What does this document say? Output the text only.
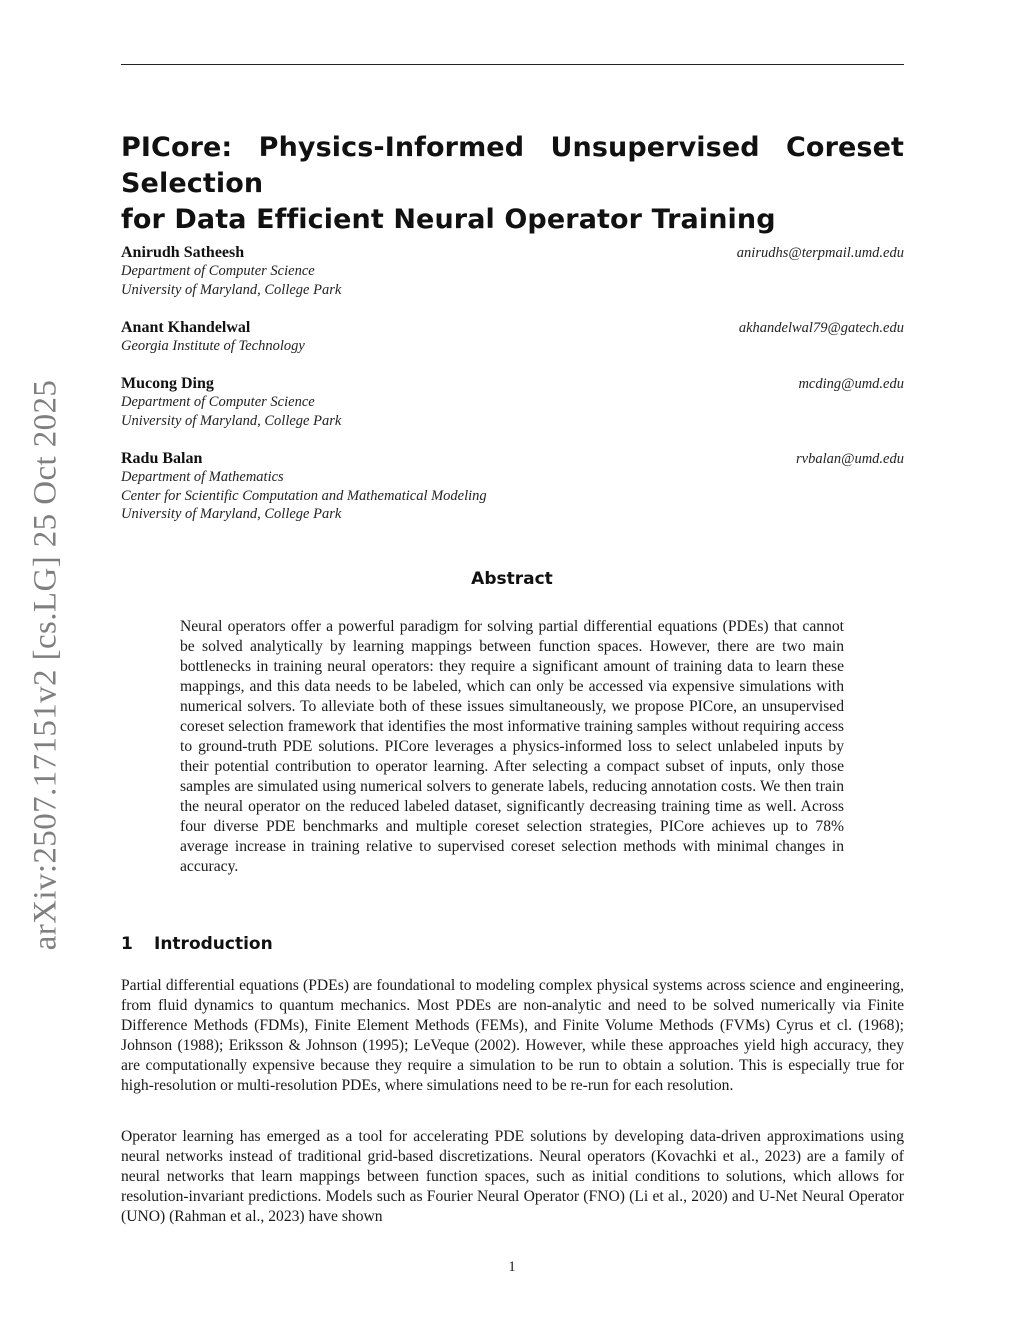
arXiv:2507.17151v2 [cs.LG] 25 Oct 2025
PICore: Physics-Informed Unsupervised Coreset Selection
for Data Efficient Neural Operator Training
Anirudh Satheesh	anirudhs@terpmail.umd.edu
Department of Computer Science
University of Maryland, College Park
Anant Khandelwal	akhandelwal79@gatech.edu
Georgia Institute of Technology
Mucong Ding	mcding@umd.edu
Department of Computer Science
University of Maryland, College Park
Radu Balan	rvbalan@umd.edu
Department of Mathematics
Center for Scientific Computation and Mathematical Modeling
University of Maryland, College Park
Abstract

Neural operators offer a powerful paradigm for solving partial differential equations (PDEs) that cannot be solved analytically by learning mappings between function spaces. However, there are two main bottlenecks in training neural operators: they require a significant amount of training data to learn these mappings, and this data needs to be labeled, which can only be accessed via expensive simulations with numerical solvers. To alleviate both of these issues simultaneously, we propose PICore, an unsupervised coreset selection framework that identifies the most informative training samples without requiring access to ground-truth PDE solutions. PICore leverages a physics-informed loss to select unlabeled inputs by their potential contribution to operator learning. After selecting a compact subset of inputs, only those samples are simulated using numerical solvers to generate labels, reducing annotation costs. We then train the neural operator on the reduced labeled dataset, significantly decreasing training time as well. Across four diverse PDE benchmarks and multiple coreset selection strategies, PICore achieves up to 78% average increase in training relative to supervised coreset selection methods with minimal changes in accuracy.

1 Introduction

Partial differential equations (PDEs) are foundational to modeling complex physical systems across science and engineering, from fluid dynamics to quantum mechanics. Most PDEs are non-analytic and need to be solved numerically via Finite Difference Methods (FDMs), Finite Element Methods (FEMs), and Finite Volume Methods (FVMs) Cyrus et cl. (1968); Johnson (1988); Eriksson & Johnson (1995); LeVeque (2002). However, while these approaches yield high accuracy, they are computationally expensive because they require a simulation to be run to obtain a solution. This is especially true for high-resolution or multi-resolution PDEs, where simulations need to be re-run for each resolution.

Operator learning has emerged as a tool for accelerating PDE solutions by developing data-driven approximations using neural networks instead of traditional grid-based discretizations. Neural operators (Kovachki et al., 2023) are a family of neural networks that learn mappings between function spaces, such as initial conditions to solutions, which allows for resolution-invariant predictions. Models such as Fourier Neural Operator (FNO) (Li et al., 2020) and U-Net Neural Operator (UNO) (Rahman et al., 2023) have shown

1
